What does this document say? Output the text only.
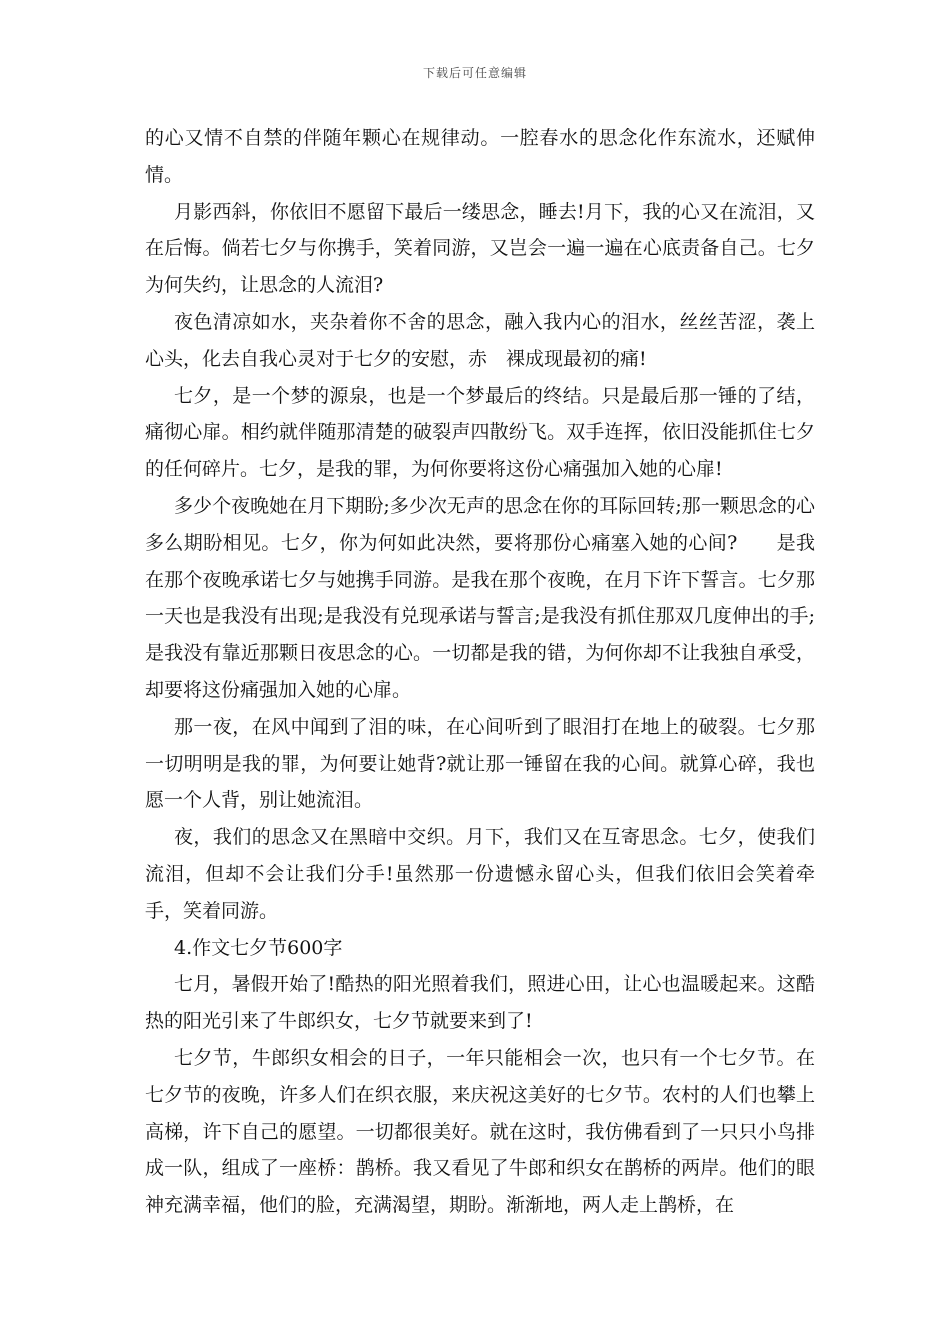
下载后可任意编辑

的心又情不自禁的伴随年颗心在规律动。一腔春水的思念化作东流水，还赋伸情。

月影西斜，你依旧不愿留下最后一缕思念，睡去!月下，我的心又在流泪，又在后悔。倘若七夕与你携手，笑着同游，又岂会一遍一遍在心底责备自己。七夕为何失约，让思念的人流泪?

夜色清凉如水，夹杂着你不舍的思念，融入我内心的泪水，丝丝苦涩，袭上心头，化去自我心灵对于七夕的安慰，赤　裸成现最初的痛!

七夕，是一个梦的源泉，也是一个梦最后的终结。只是最后那一锤的了结，痛彻心扉。相约就伴随那清楚的破裂声四散纷飞。双手连挥，依旧没能抓住七夕的任何碎片。七夕，是我的罪，为何你要将这份心痛强加入她的心扉!

多少个夜晚她在月下期盼;多少次无声的思念在你的耳际回转;那一颗思念的心多么期盼相见。七夕，你为何如此决然，要将那份心痛塞入她的心间?　　是我在那个夜晚承诺七夕与她携手同游。是我在那个夜晚，在月下许下誓言。七夕那一天也是我没有出现;是我没有兑现承诺与誓言;是我没有抓住那双几度伸出的手;是我没有靠近那颗日夜思念的心。一切都是我的错，为何你却不让我独自承受，却要将这份痛强加入她的心扉。

那一夜，在风中闻到了泪的味，在心间听到了眼泪打在地上的破裂。七夕那一切明明是我的罪，为何要让她背?就让那一锤留在我的心间。就算心碎，我也愿一个人背，别让她流泪。

夜，我们的思念又在黑暗中交织。月下，我们又在互寄思念。七夕，使我们流泪，但却不会让我们分手!虽然那一份遗憾永留心头，但我们依旧会笑着牵手，笑着同游。

4.作文七夕节600字

七月，暑假开始了!酷热的阳光照着我们，照进心田，让心也温暖起来。这酷热的阳光引来了牛郎织女，七夕节就要来到了!

七夕节，牛郎织女相会的日子，一年只能相会一次，也只有一个七夕节。在七夕节的夜晚，许多人们在织衣服，来庆祝这美好的七夕节。农村的人们也攀上高梯，许下自己的愿望。一切都很美好。就在这时，我仿佛看到了一只只小鸟排成一队，组成了一座桥：鹊桥。我又看见了牛郎和织女在鹊桥的两岸。他们的眼神充满幸福，他们的脸，充满渴望，期盼。渐渐地，两人走上鹊桥，在
